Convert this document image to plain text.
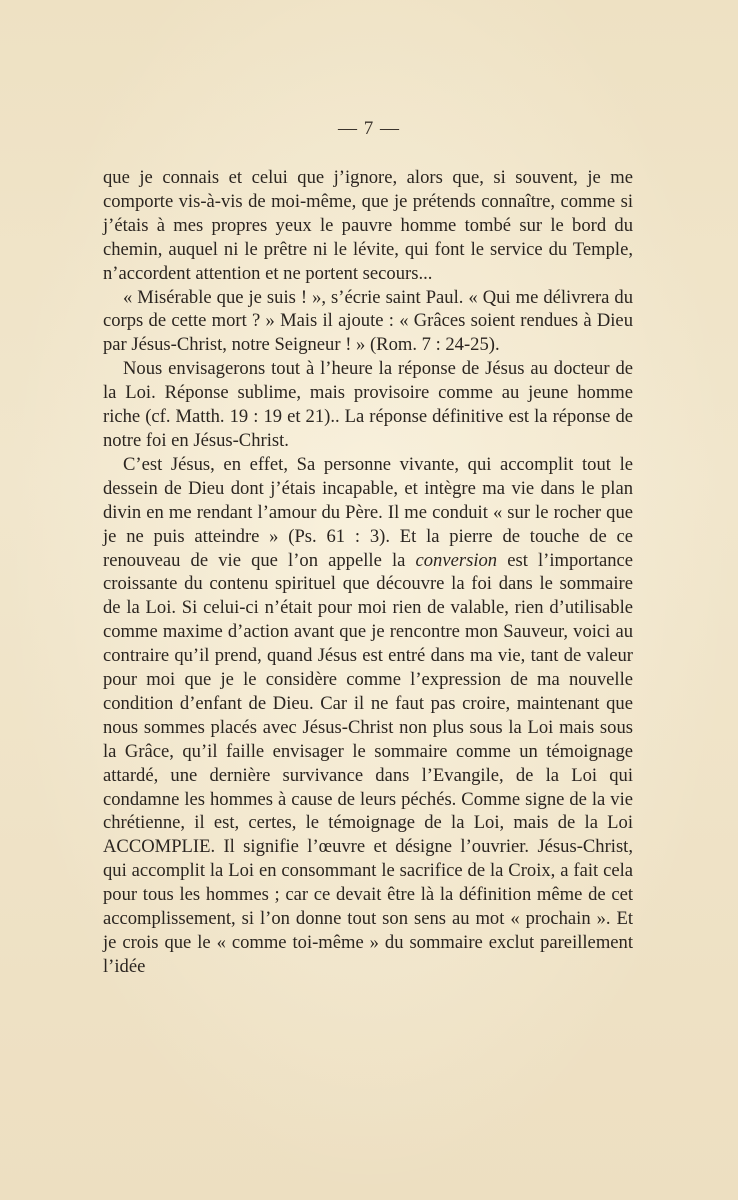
— 7 —

que je connais et celui que j’ignore, alors que, si souvent, je me comporte vis-à-vis de moi-même, que je prétends connaître, comme si j’étais à mes propres yeux le pauvre homme tombé sur le bord du chemin, auquel ni le prêtre ni le lévite, qui font le service du Temple, n’accordent attention et ne portent secours...

« Misérable que je suis ! », s’écrie saint Paul. « Qui me délivrera du corps de cette mort ? » Mais il ajoute : « Grâces soient rendues à Dieu par Jésus-Christ, notre Seigneur ! » (Rom. 7 : 24-25).

Nous envisagerons tout à l’heure la réponse de Jésus au docteur de la Loi. Réponse sublime, mais provisoire comme au jeune homme riche (cf. Matth. 19 : 19 et 21).. La réponse définitive est la réponse de notre foi en Jésus-Christ.

C’est Jésus, en effet, Sa personne vivante, qui accomplit tout le dessein de Dieu dont j’étais incapable, et intègre ma vie dans le plan divin en me rendant l’amour du Père. Il me conduit « sur le rocher que je ne puis atteindre » (Ps. 61 : 3). Et la pierre de touche de ce renouveau de vie que l’on appelle la conversion est l’importance croissante du contenu spirituel que découvre la foi dans le sommaire de la Loi. Si celui-ci n’était pour moi rien de valable, rien d’utilisable comme maxime d’action avant que je rencontre mon Sauveur, voici au contraire qu’il prend, quand Jésus est entré dans ma vie, tant de valeur pour moi que je le considère comme l’expression de ma nouvelle condition d’enfant de Dieu. Car il ne faut pas croire, maintenant que nous sommes placés avec Jésus-Christ non plus sous la Loi mais sous la Grâce, qu’il faille envisager le sommaire comme un témoignage attardé, une dernière survivance dans l’Evangile, de la Loi qui condamne les hommes à cause de leurs péchés. Comme signe de la vie chrétienne, il est, certes, le témoignage de la Loi, mais de la Loi ACCOMPLIE. Il signifie l’œuvre et désigne l’ouvrier. Jésus-Christ, qui accomplit la Loi en consommant le sacrifice de la Croix, a fait cela pour tous les hommes ; car ce devait être là la définition même de cet accomplissement, si l’on donne tout son sens au mot « prochain ». Et je crois que le « comme toi-même » du sommaire exclut pareillement l’idée
